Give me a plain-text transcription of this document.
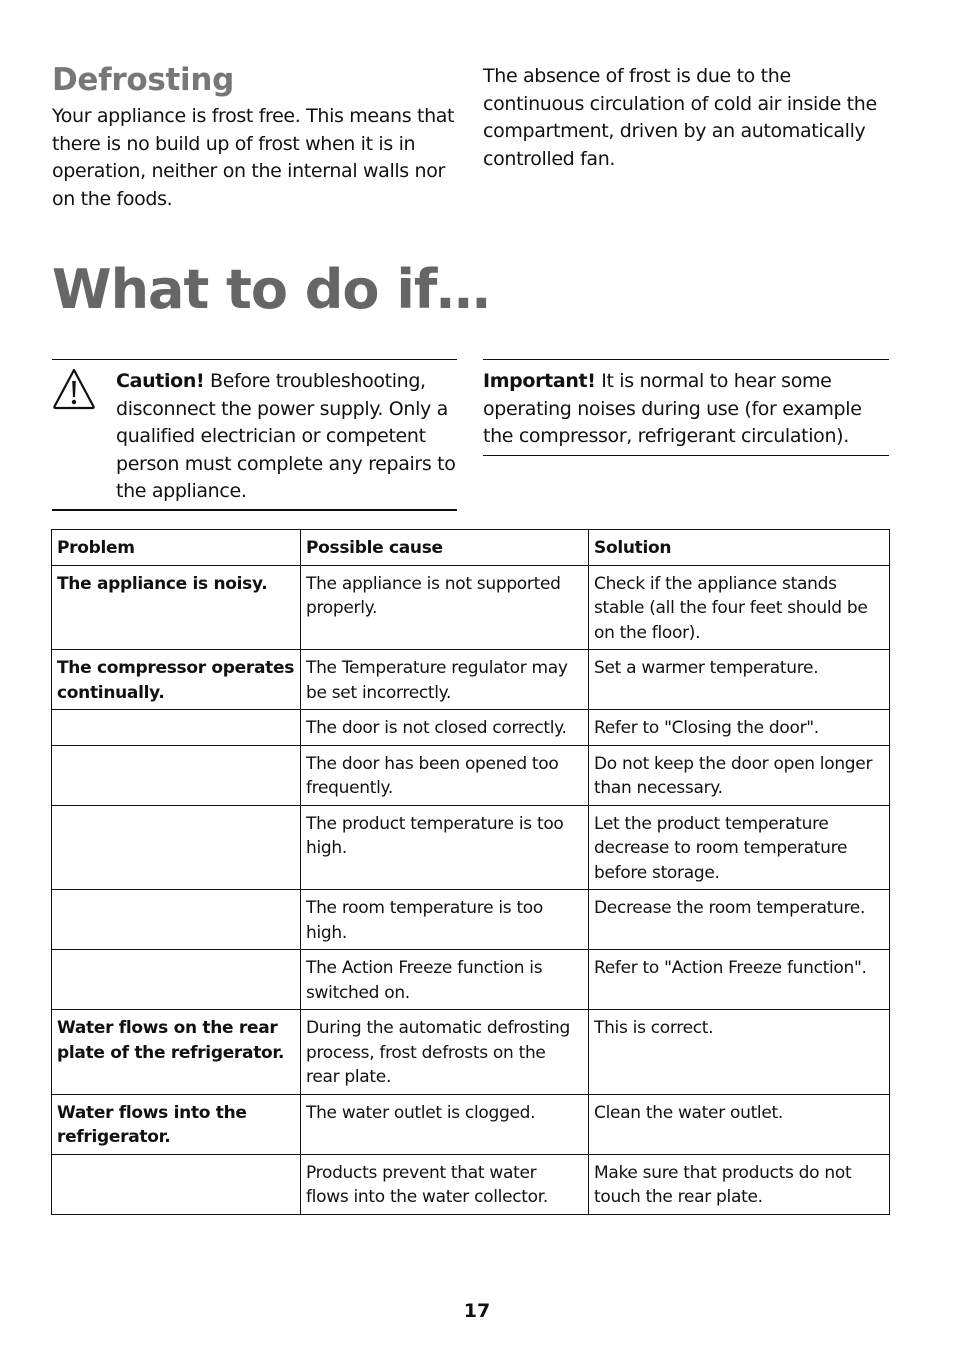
Defrosting

Your appliance is frost free. This means that there is no build up of frost when it is in operation, neither on the internal walls nor on the foods.

The absence of frost is due to the continuous circulation of cold air inside the compartment, driven by an automatically controlled fan.

What to do if…
Caution! Before troubleshooting, disconnect the power supply. Only a qualified electrician or competent person must complete any repairs to the appliance.
Important! It is normal to hear some operating noises during use (for example the compressor, refrigerant circulation).
Problem	Possible cause	Solution
The appliance is noisy.	The appliance is not supported properly.	Check if the appliance stands stable (all the four feet should be on the floor).
The compressor operates continually.	The Temperature regulator may be set incorrectly.	Set a warmer temperature.
	The door is not closed correctly.	Refer to "Closing the door".
	The door has been opened too frequently.	Do not keep the door open longer than necessary.
	The product temperature is too high.	Let the product temperature decrease to room temperature before storage.
	The room temperature is too high.	Decrease the room temperature.
	The Action Freeze function is switched on.	Refer to "Action Freeze function".
Water flows on the rear plate of the refrigerator.	During the automatic defrosting process, frost defrosts on the rear plate.	This is correct.
Water flows into the refrigerator.	The water outlet is clogged.	Clean the water outlet.
	Products prevent that water flows into the water collector.	Make sure that products do not touch the rear plate.
17
